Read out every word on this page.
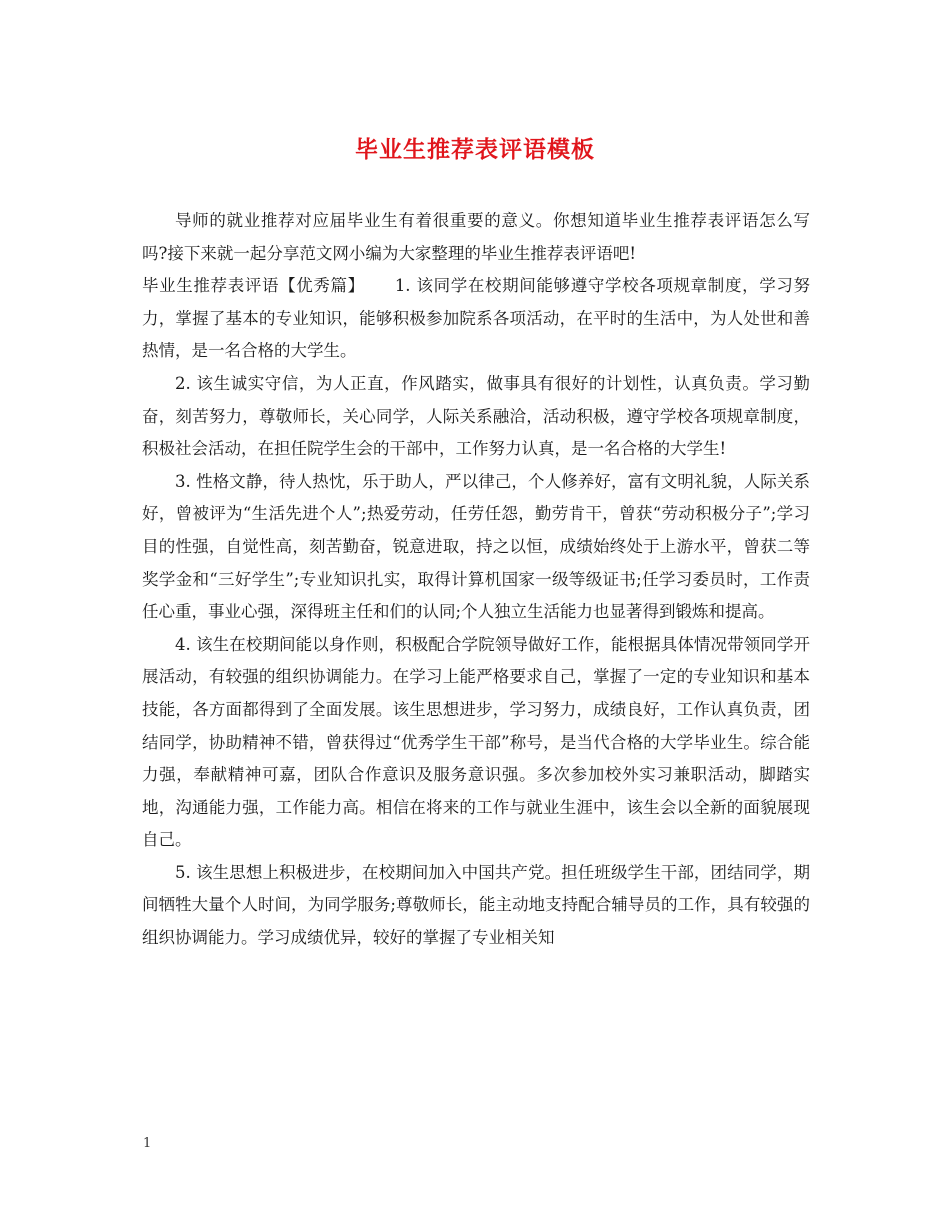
毕业生推荐表评语模板

导师的就业推荐对应届毕业生有着很重要的意义。你想知道毕业生推荐表评语怎么写吗?接下来就一起分享范文网小编为大家整理的毕业生推荐表评语吧!

毕业生推荐表评语【优秀篇】 1. 该同学在校期间能够遵守学校各项规章制度，学习努力，掌握了基本的专业知识，能够积极参加院系各项活动，在平时的生活中，为人处世和善热情，是一名合格的大学生。

2. 该生诚实守信，为人正直，作风踏实，做事具有很好的计划性，认真负责。学习勤奋，刻苦努力，尊敬师长，关心同学，人际关系融洽，活动积极，遵守学校各项规章制度，积极社会活动，在担任院学生会的干部中，工作努力认真，是一名合格的大学生!

3. 性格文静，待人热忱，乐于助人，严以律己，个人修养好，富有文明礼貌，人际关系好，曾被评为“生活先进个人”;热爱劳动，任劳任怨，勤劳肯干，曾获“劳动积极分子”;学习目的性强，自觉性高，刻苦勤奋，锐意进取，持之以恒，成绩始终处于上游水平，曾获二等奖学金和“三好学生”;专业知识扎实，取得计算机国家一级等级证书;任学习委员时，工作责任心重，事业心强，深得班主任和们的认同;个人独立生活能力也显著得到锻炼和提高。

4. 该生在校期间能以身作则，积极配合学院领导做好工作，能根据具体情况带领同学开展活动，有较强的组织协调能力。在学习上能严格要求自己，掌握了一定的专业知识和基本技能，各方面都得到了全面发展。该生思想进步，学习努力，成绩良好，工作认真负责，团结同学，协助精神不错，曾获得过“优秀学生干部”称号，是当代合格的大学毕业生。综合能力强，奉献精神可嘉，团队合作意识及服务意识强。多次参加校外实习兼职活动，脚踏实地，沟通能力强，工作能力高。相信在将来的工作与就业生涯中，该生会以全新的面貌展现自己。

5. 该生思想上积极进步，在校期间加入中国共产党。担任班级学生干部，团结同学，期间牺牲大量个人时间，为同学服务;尊敬师长，能主动地支持配合辅导员的工作，具有较强的组织协调能力。学习成绩优异，较好的掌握了专业相关知

1
